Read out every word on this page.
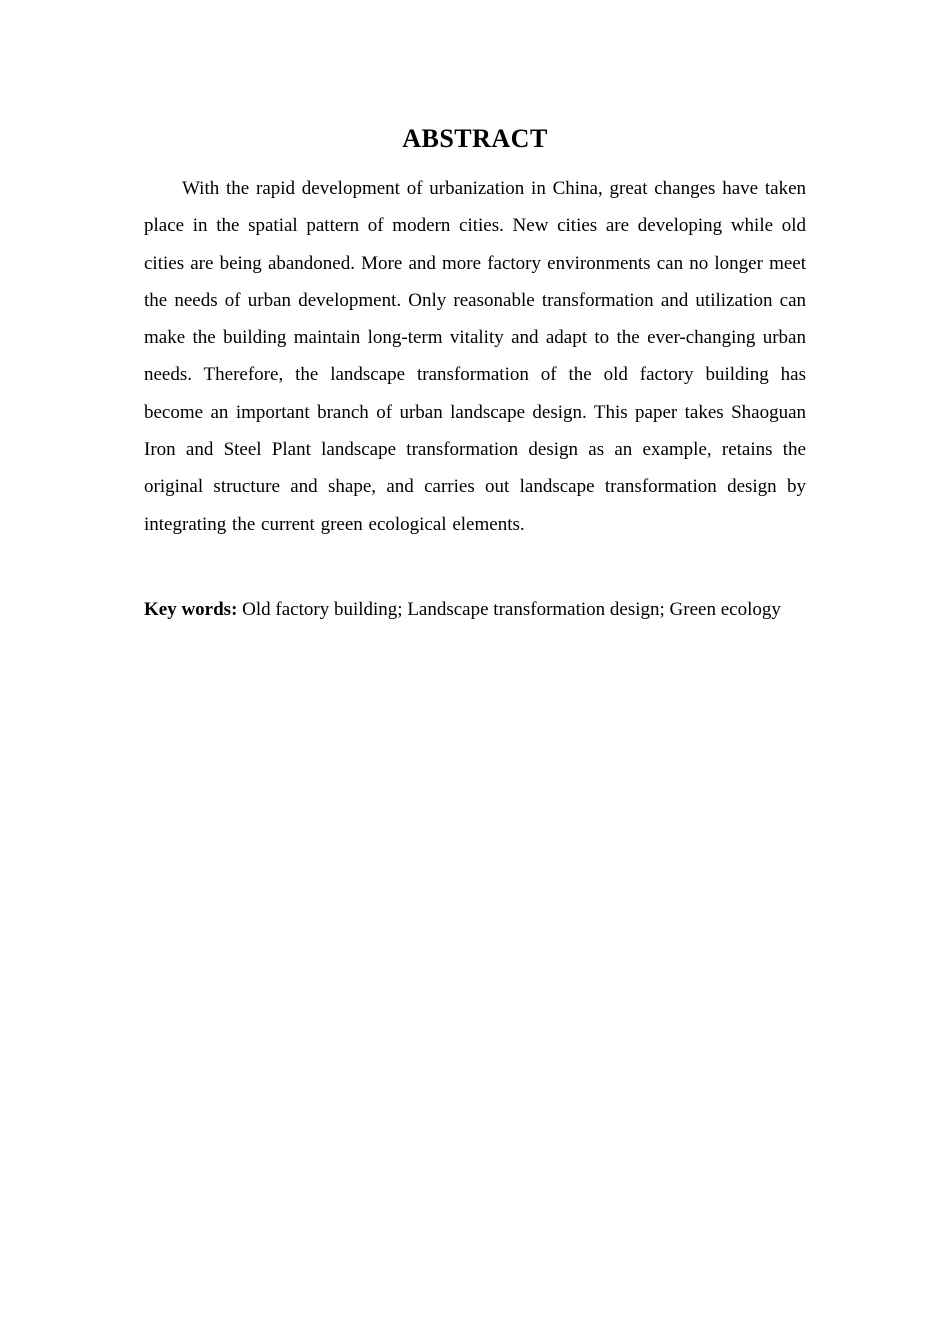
ABSTRACT

With the rapid development of urbanization in China, great changes have taken place in the spatial pattern of modern cities. New cities are developing while old cities are being abandoned. More and more factory environments can no longer meet the needs of urban development. Only reasonable transformation and utilization can make the building maintain long-term vitality and adapt to the ever-changing urban needs. Therefore, the landscape transformation of the old factory building has become an important branch of urban landscape design. This paper takes Shaoguan Iron and Steel Plant landscape transformation design as an example, retains the original structure and shape, and carries out landscape transformation design by integrating the current green ecological elements.

Key words: Old factory building; Landscape transformation design; Green ecology
